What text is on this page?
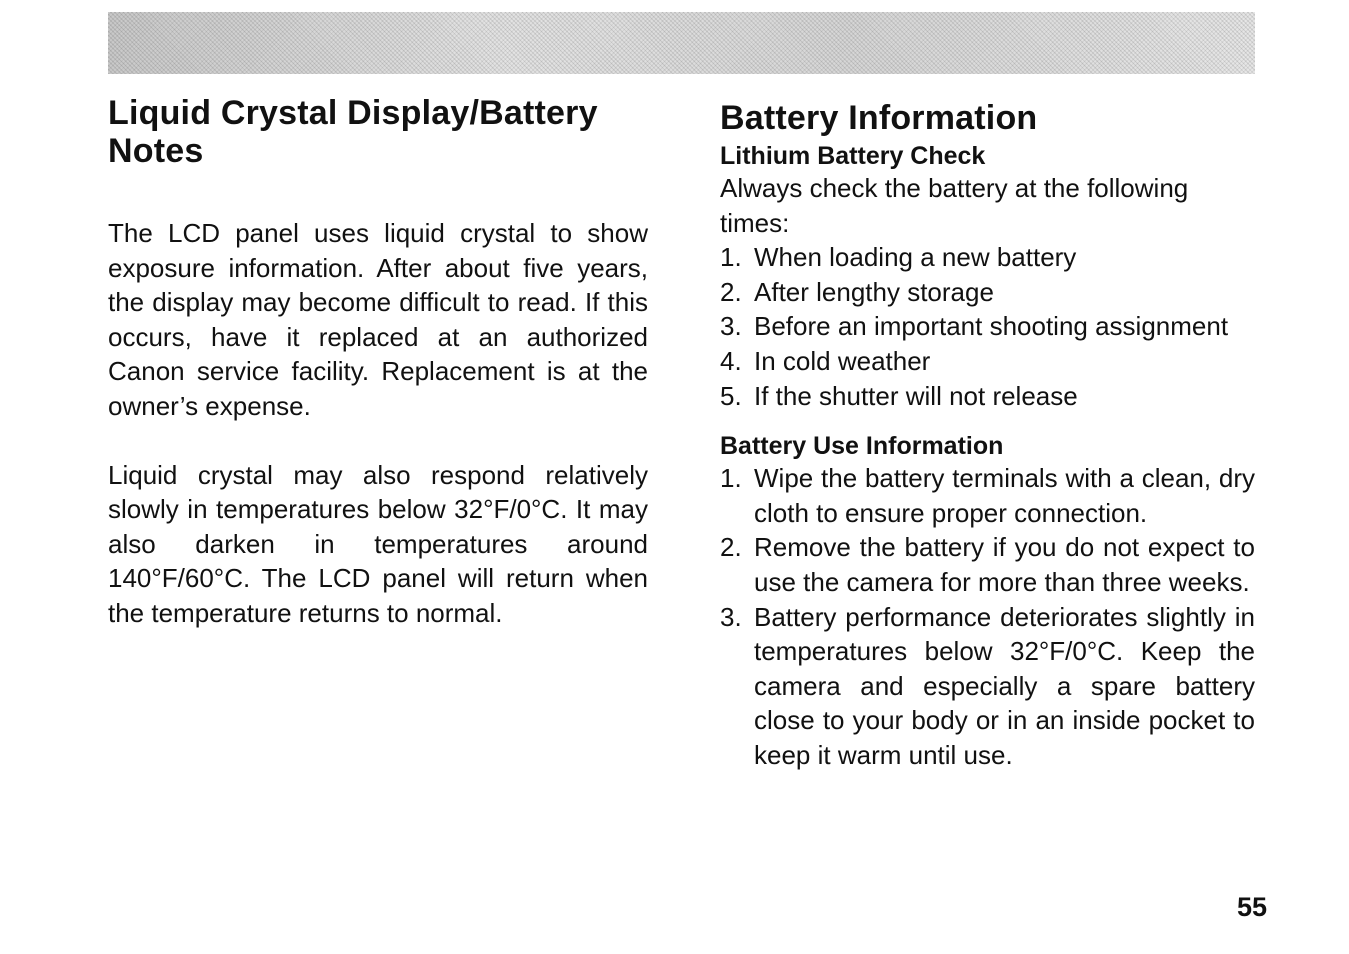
Liquid Crystal Display/Battery Notes

The LCD panel uses liquid crystal to show exposure information. After about five years, the display may become difficult to read. If this occurs, have it replaced at an authorized Canon service facility. Replacement is at the owner’s expense.

Liquid crystal may also respond relatively slowly in temperatures below 32°F/0°C. It may also darken in temperatures around 140°F/60°C. The LCD panel will return when the temperature returns to normal.

Battery Information
Lithium Battery Check

Always check the battery at the following times:

1. When loading a new battery
2. After lengthy storage
3. Before an important shooting assignment
4. In cold weather
5. If the shutter will not release
Battery Use Information
1. Wipe the battery terminals with a clean, dry cloth to ensure proper connection.
2. Remove the battery if you do not expect to use the camera for more than three weeks.
3. Battery performance deteriorates slightly in temperatures below 32°F/0°C. Keep the camera and especially a spare battery close to your body or in an inside pocket to keep it warm until use.
55
